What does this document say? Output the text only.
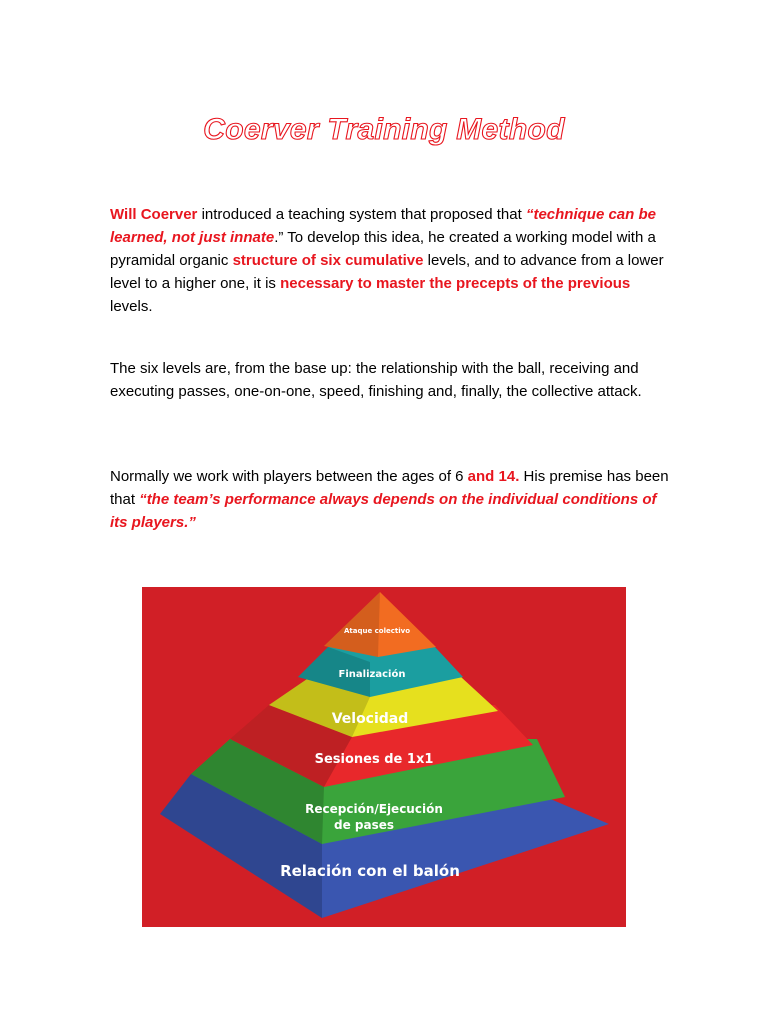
Coerver Training Method

Will Coerver introduced a teaching system that proposed that “technique can be learned, not just innate.” To develop this idea, he created a working model with a pyramidal organic structure of six cumulative levels, and to advance from a lower level to a higher one, it is necessary to master the precepts of the previous levels.

The six levels are, from the base up: the relationship with the ball, receiving and executing passes, one-on-one, speed, finishing and, finally, the collective attack.

Normally we work with players between the ages of 6 and 14. His premise has been that “the team’s performance always depends on the individual conditions of its players.”

Relación con el balón
Recepción/Ejecución
de pases
Sesiones de 1x1
Velocidad
Finalización
Ataque colectivo
